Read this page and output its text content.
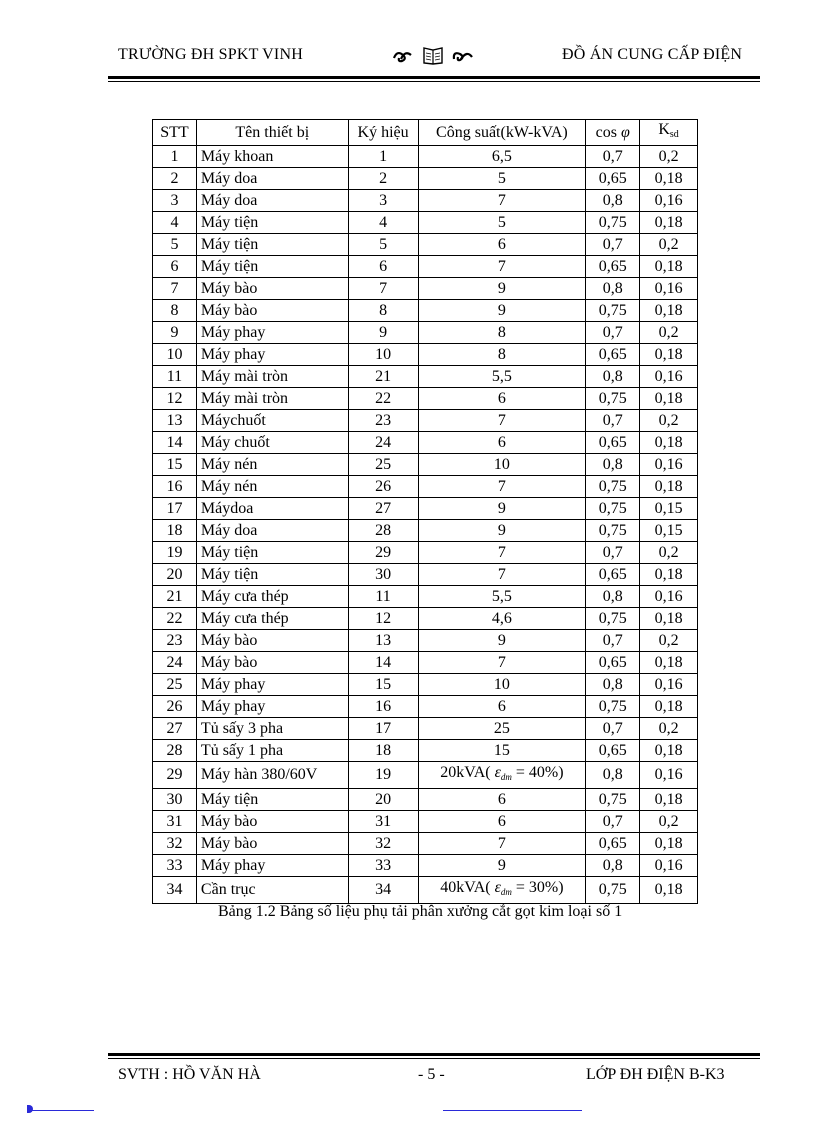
TRƯỜNG ĐH SPKT VINH	ĐỒ ÁN CUNG CẤP ĐIỆN
STT	Tên thiết bị	Ký hiệu	Công suất(kW-kVA)	cos φ	Ksd
1	Máy khoan	1	6,5	0,7	0,2
2	Máy doa	2	5	0,65	0,18
3	Máy doa	3	7	0,8	0,16
4	Máy tiện	4	5	0,75	0,18
5	Máy tiện	5	6	0,7	0,2
6	Máy tiện	6	7	0,65	0,18
7	Máy bào	7	9	0,8	0,16
8	Máy bào	8	9	0,75	0,18
9	Máy phay	9	8	0,7	0,2
10	Máy phay	10	8	0,65	0,18
11	Máy mài tròn	21	5,5	0,8	0,16
12	Máy mài tròn	22	6	0,75	0,18
13	Máychuốt	23	7	0,7	0,2
14	Máy chuốt	24	6	0,65	0,18
15	Máy nén	25	10	0,8	0,16
16	Máy nén	26	7	0,75	0,18
17	Máydoa	27	9	0,75	0,15
18	Máy doa	28	9	0,75	0,15
19	Máy tiện	29	7	0,7	0,2
20	Máy tiện	30	7	0,65	0,18
21	Máy cưa thép	11	5,5	0,8	0,16
22	Máy cưa thép	12	4,6	0,75	0,18
23	Máy bào	13	9	0,7	0,2
24	Máy bào	14	7	0,65	0,18
25	Máy phay	15	10	0,8	0,16
26	Máy phay	16	6	0,75	0,18
27	Tủ sấy 3 pha	17	25	0,7	0,2
28	Tủ sấy 1 pha	18	15	0,65	0,18
29	Máy hàn 380/60V	19	20kVA( $\varepsilon_{dm} = 40\%$)	0,8	0,16
30	Máy tiện	20	6	0,75	0,18
31	Máy bào	31	6	0,7	0,2
32	Máy bào	32	7	0,65	0,18
33	Máy phay	33	9	0,8	0,16
34	Cần trục	34	40kVA( $\varepsilon_{dm} = 30\%$)	0,75	0,18
Bảng 1.2 Bảng số liệu phụ tải phân xưởng cắt gọt kim loại số 1
SVTH : HỒ VĂN HÀ	- 5 -	LỚP ĐH ĐIỆN B-K3
